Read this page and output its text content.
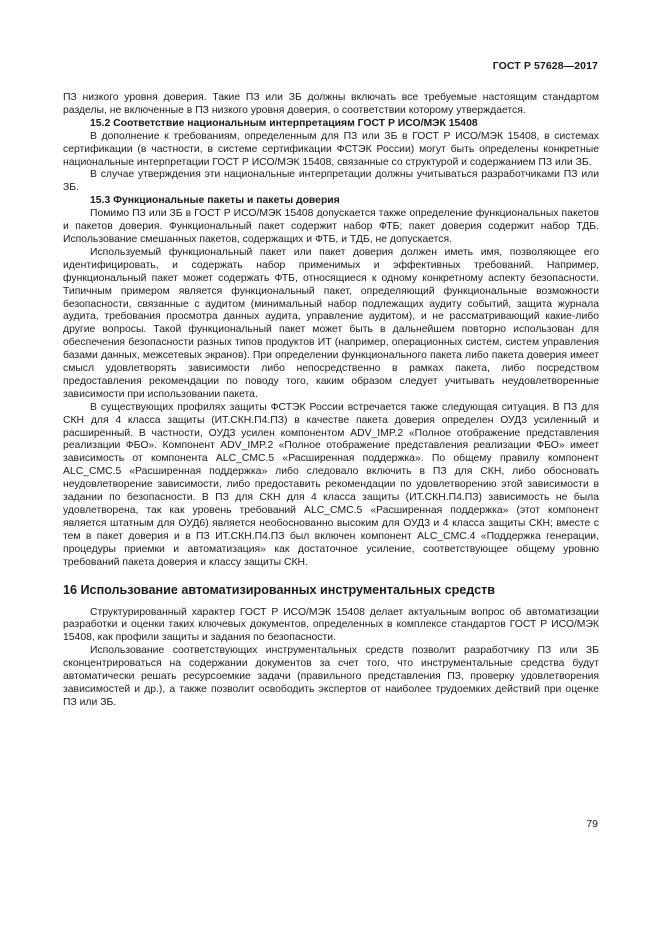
ГОСТ Р 57628—2017

ПЗ низкого уровня доверия. Такие ПЗ или ЗБ должны включать все требуемые настоящим стандартом разделы, не включенные в ПЗ низкого уровня доверия, о соответствии которому утверждается.

15.2 Соответствие национальным интерпретациям ГОСТ Р ИСО/МЭК 15408

В дополнение к требованиям, определенным для ПЗ или ЗБ в ГОСТ Р ИСО/МЭК 15408, в системах сертификации (в частности, в системе сертификации ФСТЭК России) могут быть определены конкретные национальные интерпретации ГОСТ Р ИСО/МЭК 15408, связанные со структурой и содержанием ПЗ или ЗБ.

В случае утверждения эти национальные интерпретации должны учитываться разработчиками ПЗ или ЗБ.

15.3 Функциональные пакеты и пакеты доверия

Помимо ПЗ или ЗБ в ГОСТ Р ИСО/МЭК 15408 допускается также определение функциональных пакетов и пакетов доверия. Функциональный пакет содержит набор ФТБ; пакет доверия содержит набор ТДБ. Использование смешанных пакетов, содержащих и ФТБ, и ТДБ, не допускается.

Используемый функциональный пакет или пакет доверия должен иметь имя, позволяющее его идентифицировать, и содержать набор применимых и эффективных требований. Например, функциональный пакет может содержать ФТБ, относящиеся к одному конкретному аспекту безопасности. Типичным примером является функциональный пакет, определяющий функциональные возможности безопасности, связанные с аудитом (минимальный набор подлежащих аудиту событий, защита журнала аудита, требования просмотра данных аудита, управление аудитом), и не рассматривающий какие-либо другие вопросы. Такой функциональный пакет может быть в дальнейшем повторно использован для обеспечения безопасности разных типов продуктов ИТ (например, операционных систем, систем управления базами данных, межсетевых экранов). При определении функционального пакета либо пакета доверия имеет смысл удовлетворять зависимости либо непосредственно в рамках пакета, либо посредством предоставления рекомендации по поводу того, каким образом следует учитывать неудовлетворенные зависимости при использовании пакета.

В существующих профилях защиты ФСТЭК России встречается также следующая ситуация. В ПЗ для СКН для 4 класса защиты (ИТ.СКН.П4.ПЗ) в качестве пакета доверия определен ОУД3 усиленный и расширенный. В частности, ОУД3 усилен компонентом ADV_IMP.2 «Полное отображение представления реализации ФБО». Компонент ADV_IMP.2 «Полное отображение представления реализации ФБО» имеет зависимость от компонента ALC_CMC.5 «Расширенная поддержка». По общему правилу компонент ALC_CMC.5 «Расширенная поддержка» либо следовало включить в ПЗ для СКН, либо обосновать неудовлетворение зависимости, либо предоставить рекомендации по удовлетворению этой зависимости в задании по безопасности. В ПЗ для СКН для 4 класса защиты (ИТ.СКН.П4.ПЗ) зависимость не была удовлетворена, так как уровень требований ALC_CMC.5 «Расширенная поддержка» (этот компонент является штатным для ОУД6) является необоснованно высоким для ОУД3 и 4 класса защиты СКН; вместе с тем в пакет доверия и в ПЗ ИТ.СКН.П4.ПЗ был включен компонент ALC_CMC.4 «Поддержка генерации, процедуры приемки и автоматизация» как достаточное усиление, соответствующее общему уровню требований пакета доверия и классу защиты СКН.

16 Использование автоматизированных инструментальных средств

Структурированный характер ГОСТ Р ИСО/МЭК 15408 делает актуальным вопрос об автоматизации разработки и оценки таких ключевых документов, определенных в комплексе стандартов ГОСТ Р ИСО/МЭК 15408, как профили защиты и задания по безопасности.

Использование соответствующих инструментальных средств позволит разработчику ПЗ или ЗБ сконцентрироваться на содержании документов за счет того, что инструментальные средства будут автоматически решать ресурсоемкие задачи (правильного представления ПЗ, проверку удовлетворения зависимостей и др.), а также позволит освободить экспертов от наиболее трудоемких действий при оценке ПЗ или ЗБ.

79
